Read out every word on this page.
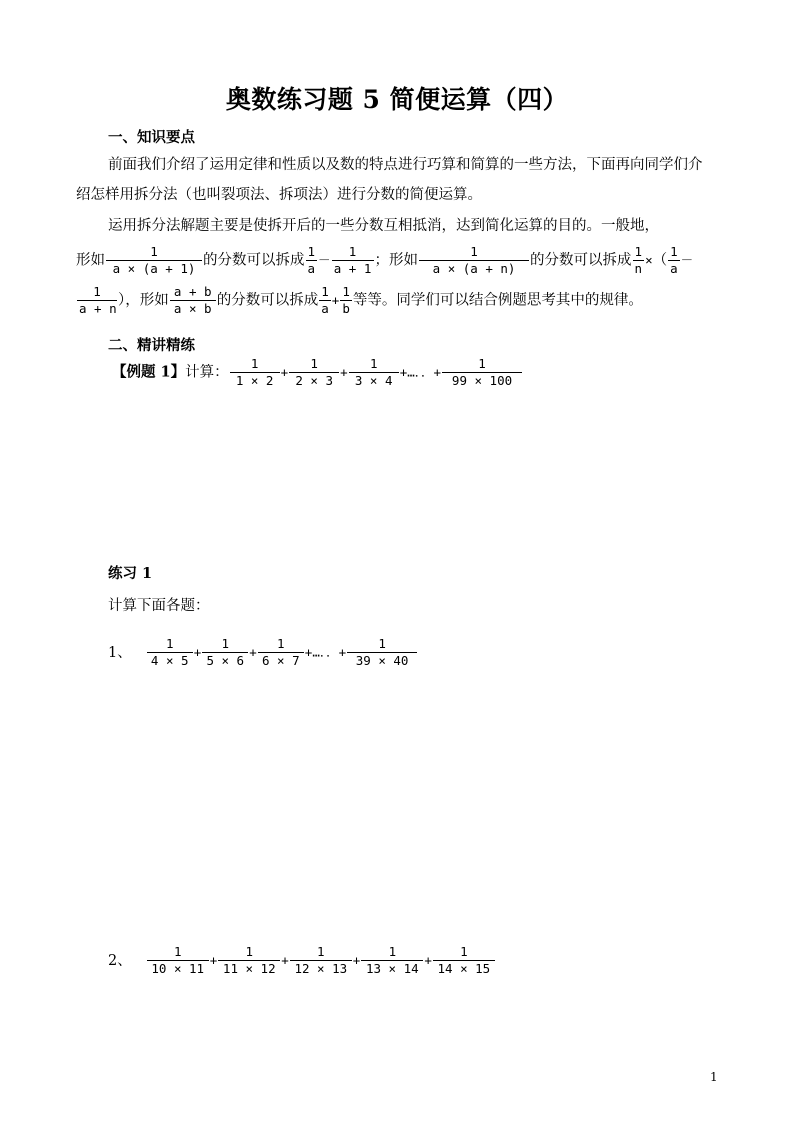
奥数练习题 5 简便运算（四）
一、知识要点
前面我们介绍了运用定律和性质以及数的特点进行巧算和简算的一些方法，下面再向同学们介绍怎样用拆分法（也叫裂项法、拆项法）进行分数的简便运算。
运用拆分法解题主要是使拆开后的一些分数互相抵消，达到简化运算的目的。一般地，
形如 $\frac{1}{a \times (a + 1)}$ 的分数可以拆成 $\frac{1}{a} - \frac{1}{a + 1}$ ；形如 $\frac{1}{a \times (a + n)}$ 的分数可以拆成 $\frac{1}{n}$ ×（ $\frac{1}{a}$ －
$\frac{1}{a + n}$ ），形如 $\frac{a + b}{a \times b}$ 的分数可以拆成 $\frac{1}{a} + \frac{1}{b}$ 等等。同学们可以结合例题思考其中的规律。
二、精讲精练
【例题 1】计算： $\frac{1}{1 \times 2} + \frac{1}{2 \times 3} + \frac{1}{3 \times 4}$ +…．．+ $\frac{1}{99 \times 100}$
练习 1
计算下面各题：
1、 $\frac{1}{4 \times 5} + \frac{1}{5 \times 6} + \frac{1}{6 \times 7}$ +…．．+ $\frac{1}{39 \times 40}$
2、 $\frac{1}{10 \times 11} + \frac{1}{11 \times 12} + \frac{1}{12 \times 13} + \frac{1}{13 \times 14} + \frac{1}{14 \times 15}$
1
